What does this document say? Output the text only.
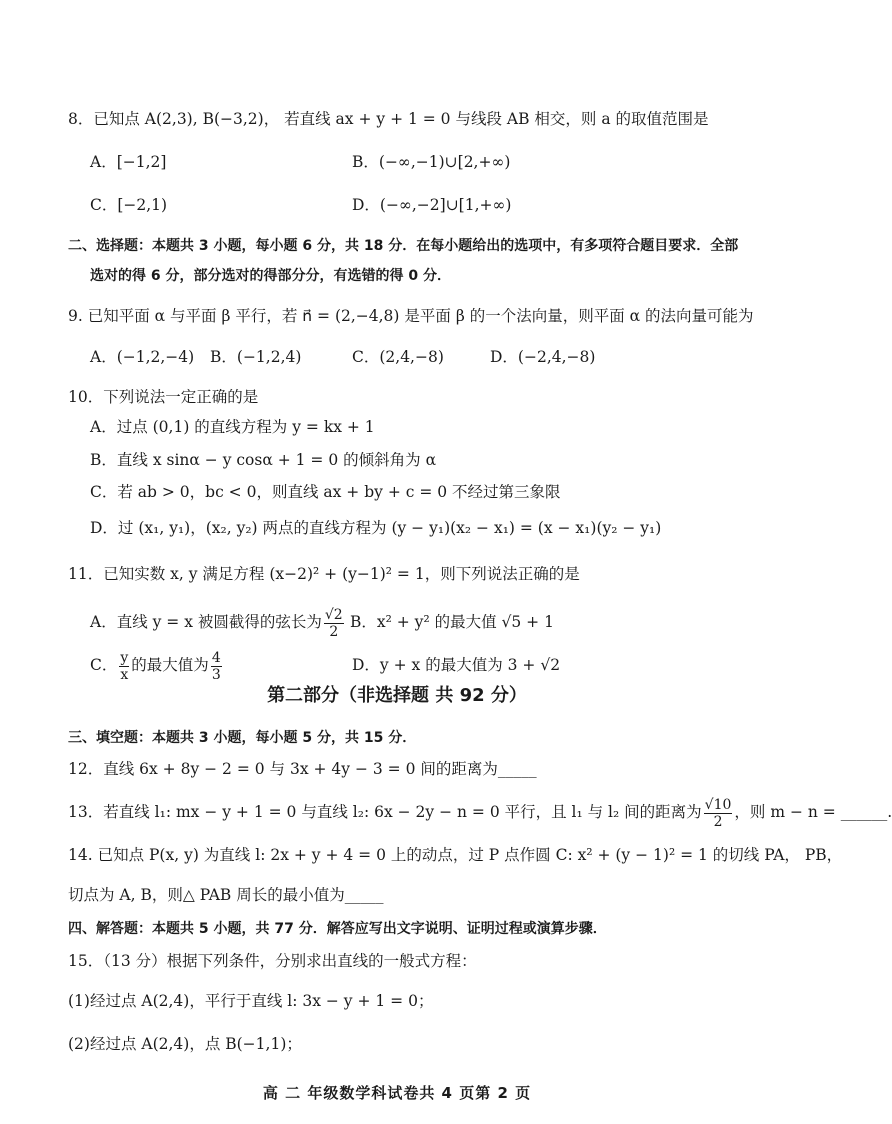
8．已知点 A(2,3), B(−3,2)， 若直线 ax + y + 1 = 0 与线段 AB 相交，则 a 的取值范围是
A．[−1,2]	B．(−∞,−1)∪[2,+∞)
C．[−2,1)	D．(−∞,−2]∪[1,+∞)
二、选择题：本题共 3 小题，每小题 6 分，共 18 分．在每小题给出的选项中，有多项符合题目要求．全部
选对的得 6 分，部分选对的得部分分，有选错的得 0 分．
9. 已知平面 α 与平面 β 平行，若 n⃗ = (2,−4,8) 是平面 β 的一个法向量，则平面 α 的法向量可能为
A．(−1,2,−4) B．(−1,2,4)	C．(2,4,−8)	D．(−2,4,−8)
10．下列说法一定正确的是
A．过点 (0,1) 的直线方程为 y = kx + 1
B．直线 x sinα − y cosα + 1 = 0 的倾斜角为 α
C．若 ab > 0，bc < 0，则直线 ax + by + c = 0 不经过第三象限
D．过 (x₁, y₁)，(x₂, y₂) 两点的直线方程为 (y − y₁)(x₂ − x₁) = (x − x₁)(y₂ − y₁)
11．已知实数 x, y 满足方程 (x−2)² + (y−1)² = 1，则下列说法正确的是
A．直线 y = x 被圆截得的弦长为 $\frac{√2}{2}$ B．x² + y² 的最大值 √5 + 1
C． $\frac{y}{x}$ 的最大值为 $\frac{4}{3}$	D．y + x 的最大值为 3 + √2
第二部分（非选择题 共 92 分）
三、填空题：本题共 3 小题，每小题 5 分，共 15 分．
12．直线 6x + 8y − 2 = 0 与 3x + 4y − 3 = 0 间的距离为_____
13．若直线 l₁: mx − y + 1 = 0 与直线 l₂: 6x − 2y − n = 0 平行，且 l₁ 与 l₂ 间的距离为 $\frac{√10}{2}$ ，则 m − n = ______.
14. 已知点 P(x, y) 为直线 l: 2x + y + 4 = 0 上的动点，过 P 点作圆 C: x² + (y − 1)² = 1 的切线 PA， PB，
切点为 A, B，则△ PAB 周长的最小值为_____
四、解答题：本题共 5 小题，共 77 分．解答应写出文字说明、证明过程或演算步骤．
15．（13 分）根据下列条件，分别求出直线的一般式方程：
(1)经过点 A(2,4)，平行于直线 l: 3x − y + 1 = 0；
(2)经过点 A(2,4)，点 B(−1,1)；
高 二 年级数学科试卷共 4 页第 2 页
